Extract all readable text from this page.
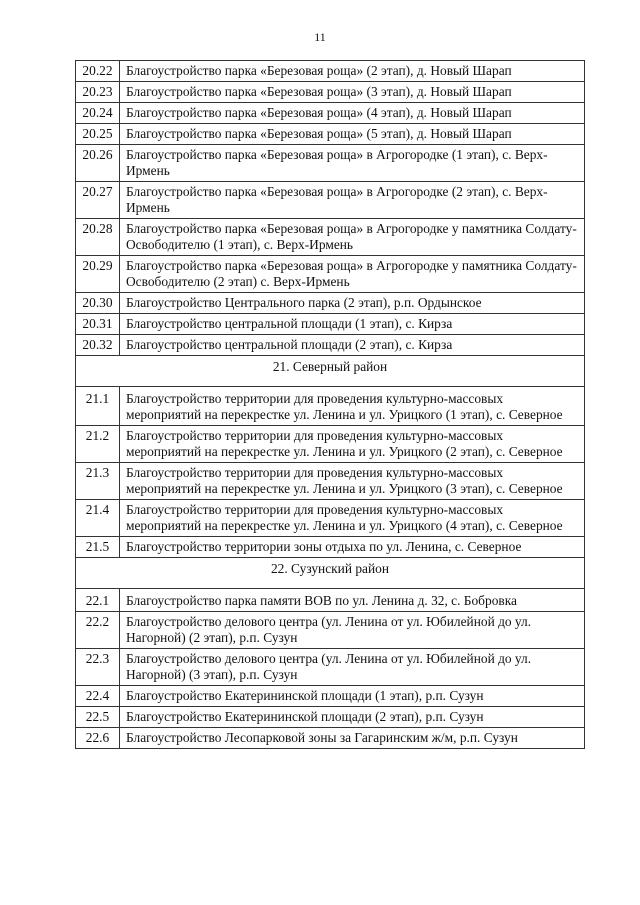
11
20.22	Благоустройство парка «Березовая роща» (2 этап), д. Новый Шарап
20.23	Благоустройство парка «Березовая роща» (3 этап), д. Новый Шарап
20.24	Благоустройство парка «Березовая роща» (4 этап), д. Новый Шарап
20.25	Благоустройство парка «Березовая роща» (5 этап), д. Новый Шарап
20.26	Благоустройство парка «Березовая роща» в Агрогородке (1 этап), с. Верх-Ирмень
20.27	Благоустройство парка «Березовая роща» в Агрогородке (2 этап), с. Верх-Ирмень
20.28	Благоустройство парка «Березовая роща» в Агрогородке у памятника Солдату-Освободителю (1 этап), с. Верх-Ирмень
20.29	Благоустройство парка «Березовая роща» в Агрогородке у памятника Солдату-Освободителю (2 этап) с. Верх-Ирмень
20.30	Благоустройство Центрального парка (2 этап), р.п. Ордынское
20.31	Благоустройство центральной площади (1 этап), с. Кирза
20.32	Благоустройство центральной площади (2 этап), с. Кирза
21. Северный район	
21.1	Благоустройство территории для проведения культурно-массовых мероприятий на перекрестке ул. Ленина и ул. Урицкого (1 этап), с. Северное
21.2	Благоустройство территории для проведения культурно-массовых мероприятий на перекрестке ул. Ленина и ул. Урицкого (2 этап), с. Северное
21.3	Благоустройство территории для проведения культурно-массовых мероприятий на перекрестке ул. Ленина и ул. Урицкого (3 этап), с. Северное
21.4	Благоустройство территории для проведения культурно-массовых мероприятий на перекрестке ул. Ленина и ул. Урицкого (4 этап), с. Северное
21.5	Благоустройство территории зоны отдыха по ул. Ленина, с. Северное
22. Сузунский район	
22.1	Благоустройство парка памяти ВОВ по ул. Ленина д. 32, с. Бобровка
22.2	Благоустройство делового центра (ул. Ленина от ул. Юбилейной до ул. Нагорной) (2 этап), р.п. Сузун
22.3	Благоустройство делового центра (ул. Ленина от ул. Юбилейной до ул. Нагорной) (3 этап), р.п. Сузун
22.4	Благоустройство Екатерининской площади (1 этап), р.п. Сузун
22.5	Благоустройство Екатерининской площади (2 этап), р.п. Сузун
22.6	Благоустройство Лесопарковой зоны за Гагаринским ж/м, р.п. Сузун
